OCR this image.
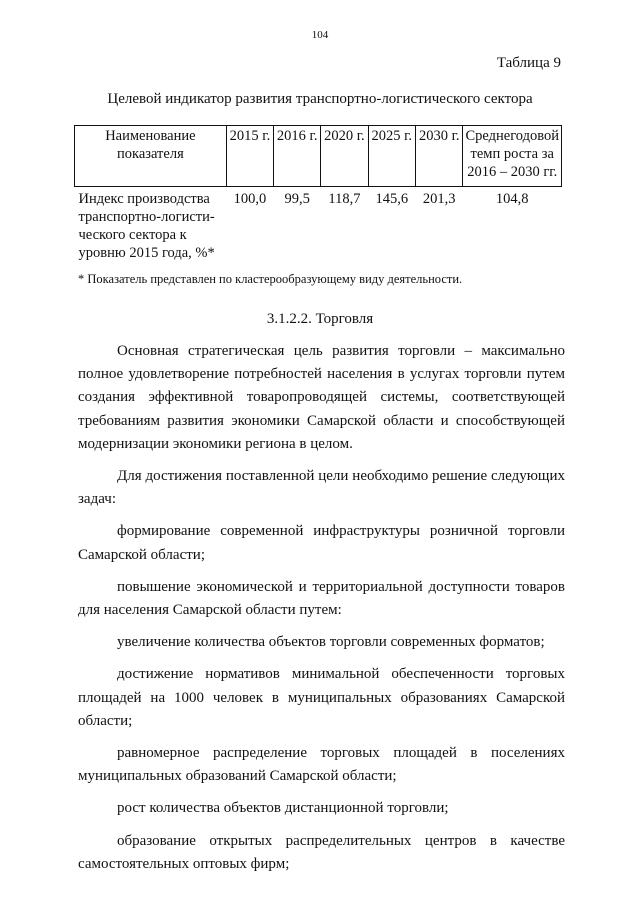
104
Таблица 9
Целевой индикатор развития транспортно-логистического сектора
Наименование показателя	2015 г.	2016 г.	2020 г.	2025 г.	2030 г.	Среднегодовой темп роста за 2016 – 2030 гг.
Индекс производства транспортно-логисти-ческого сектора к уровню 2015 года, %*	100,0	99,5	118,7	145,6	201,3	104,8
* Показатель представлен по кластерообразующему виду деятельности.
3.1.2.2. Торговля

Основная стратегическая цель развития торговли – максимально полное удовлетворение потребностей населения в услугах торговли путем создания эффективной товаропроводящей системы, соответствующей требованиям развития экономики Самарской области и способствующей модернизации экономики региона в целом.

Для достижения поставленной цели необходимо решение следующих задач:

формирование современной инфраструктуры розничной торговли Самарской области;

повышение экономической и территориальной доступности товаров для населения Самарской области путем:

увеличение количества объектов торговли современных форматов;

достижение нормативов минимальной обеспеченности торговых площадей на 1000 человек в муниципальных образованиях Самарской области;

равномерное распределение торговых площадей в поселениях муниципальных образований Самарской области;

рост количества объектов дистанционной торговли;

образование открытых распределительных центров в качестве самостоятельных оптовых фирм;
